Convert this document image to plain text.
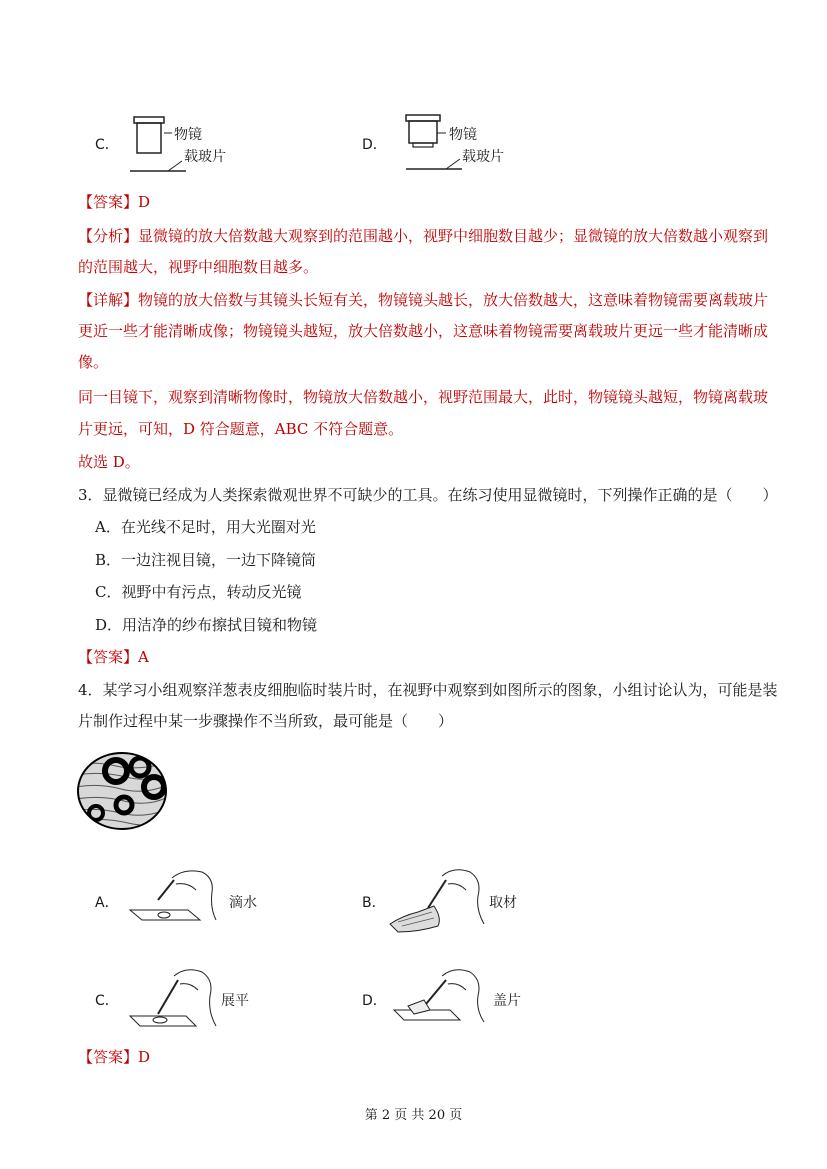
C．
物镜
载玻片
D．
物镜
载玻片
【答案】D
【分析】显微镜的放大倍数越大观察到的范围越小，视野中细胞数目越少；显微镜的放大倍数越小观察到
的范围越大，视野中细胞数目越多。
【详解】物镜的放大倍数与其镜头长短有关，物镜镜头越长，放大倍数越大，这意味着物镜需要离载玻片
更近一些才能清晰成像；物镜镜头越短，放大倍数越小，这意味着物镜需要离载玻片更远一些才能清晰成
像。
同一目镜下，观察到清晰物像时，物镜放大倍数越小，视野范围最大，此时，物镜镜头越短，物镜离载玻
片更远，可知，D 符合题意，ABC 不符合题意。
故选 D。
3．显微镜已经成为人类探索微观世界不可缺少的工具。在练习使用显微镜时，下列操作正确的是（　　）
A．在光线不足时，用大光圈对光
B．一边注视目镜，一边下降镜筒
C．视野中有污点，转动反光镜
D．用洁净的纱布擦拭目镜和物镜
【答案】A
4．某学习小组观察洋葱表皮细胞临时装片时，在视野中观察到如图所示的图象，小组讨论认为，可能是装
片制作过程中某一步骤操作不当所致，最可能是（　　）
A．	滴水	B．	取材
C．	展平	D．	盖片
【答案】D
第 2 页 共 20 页
